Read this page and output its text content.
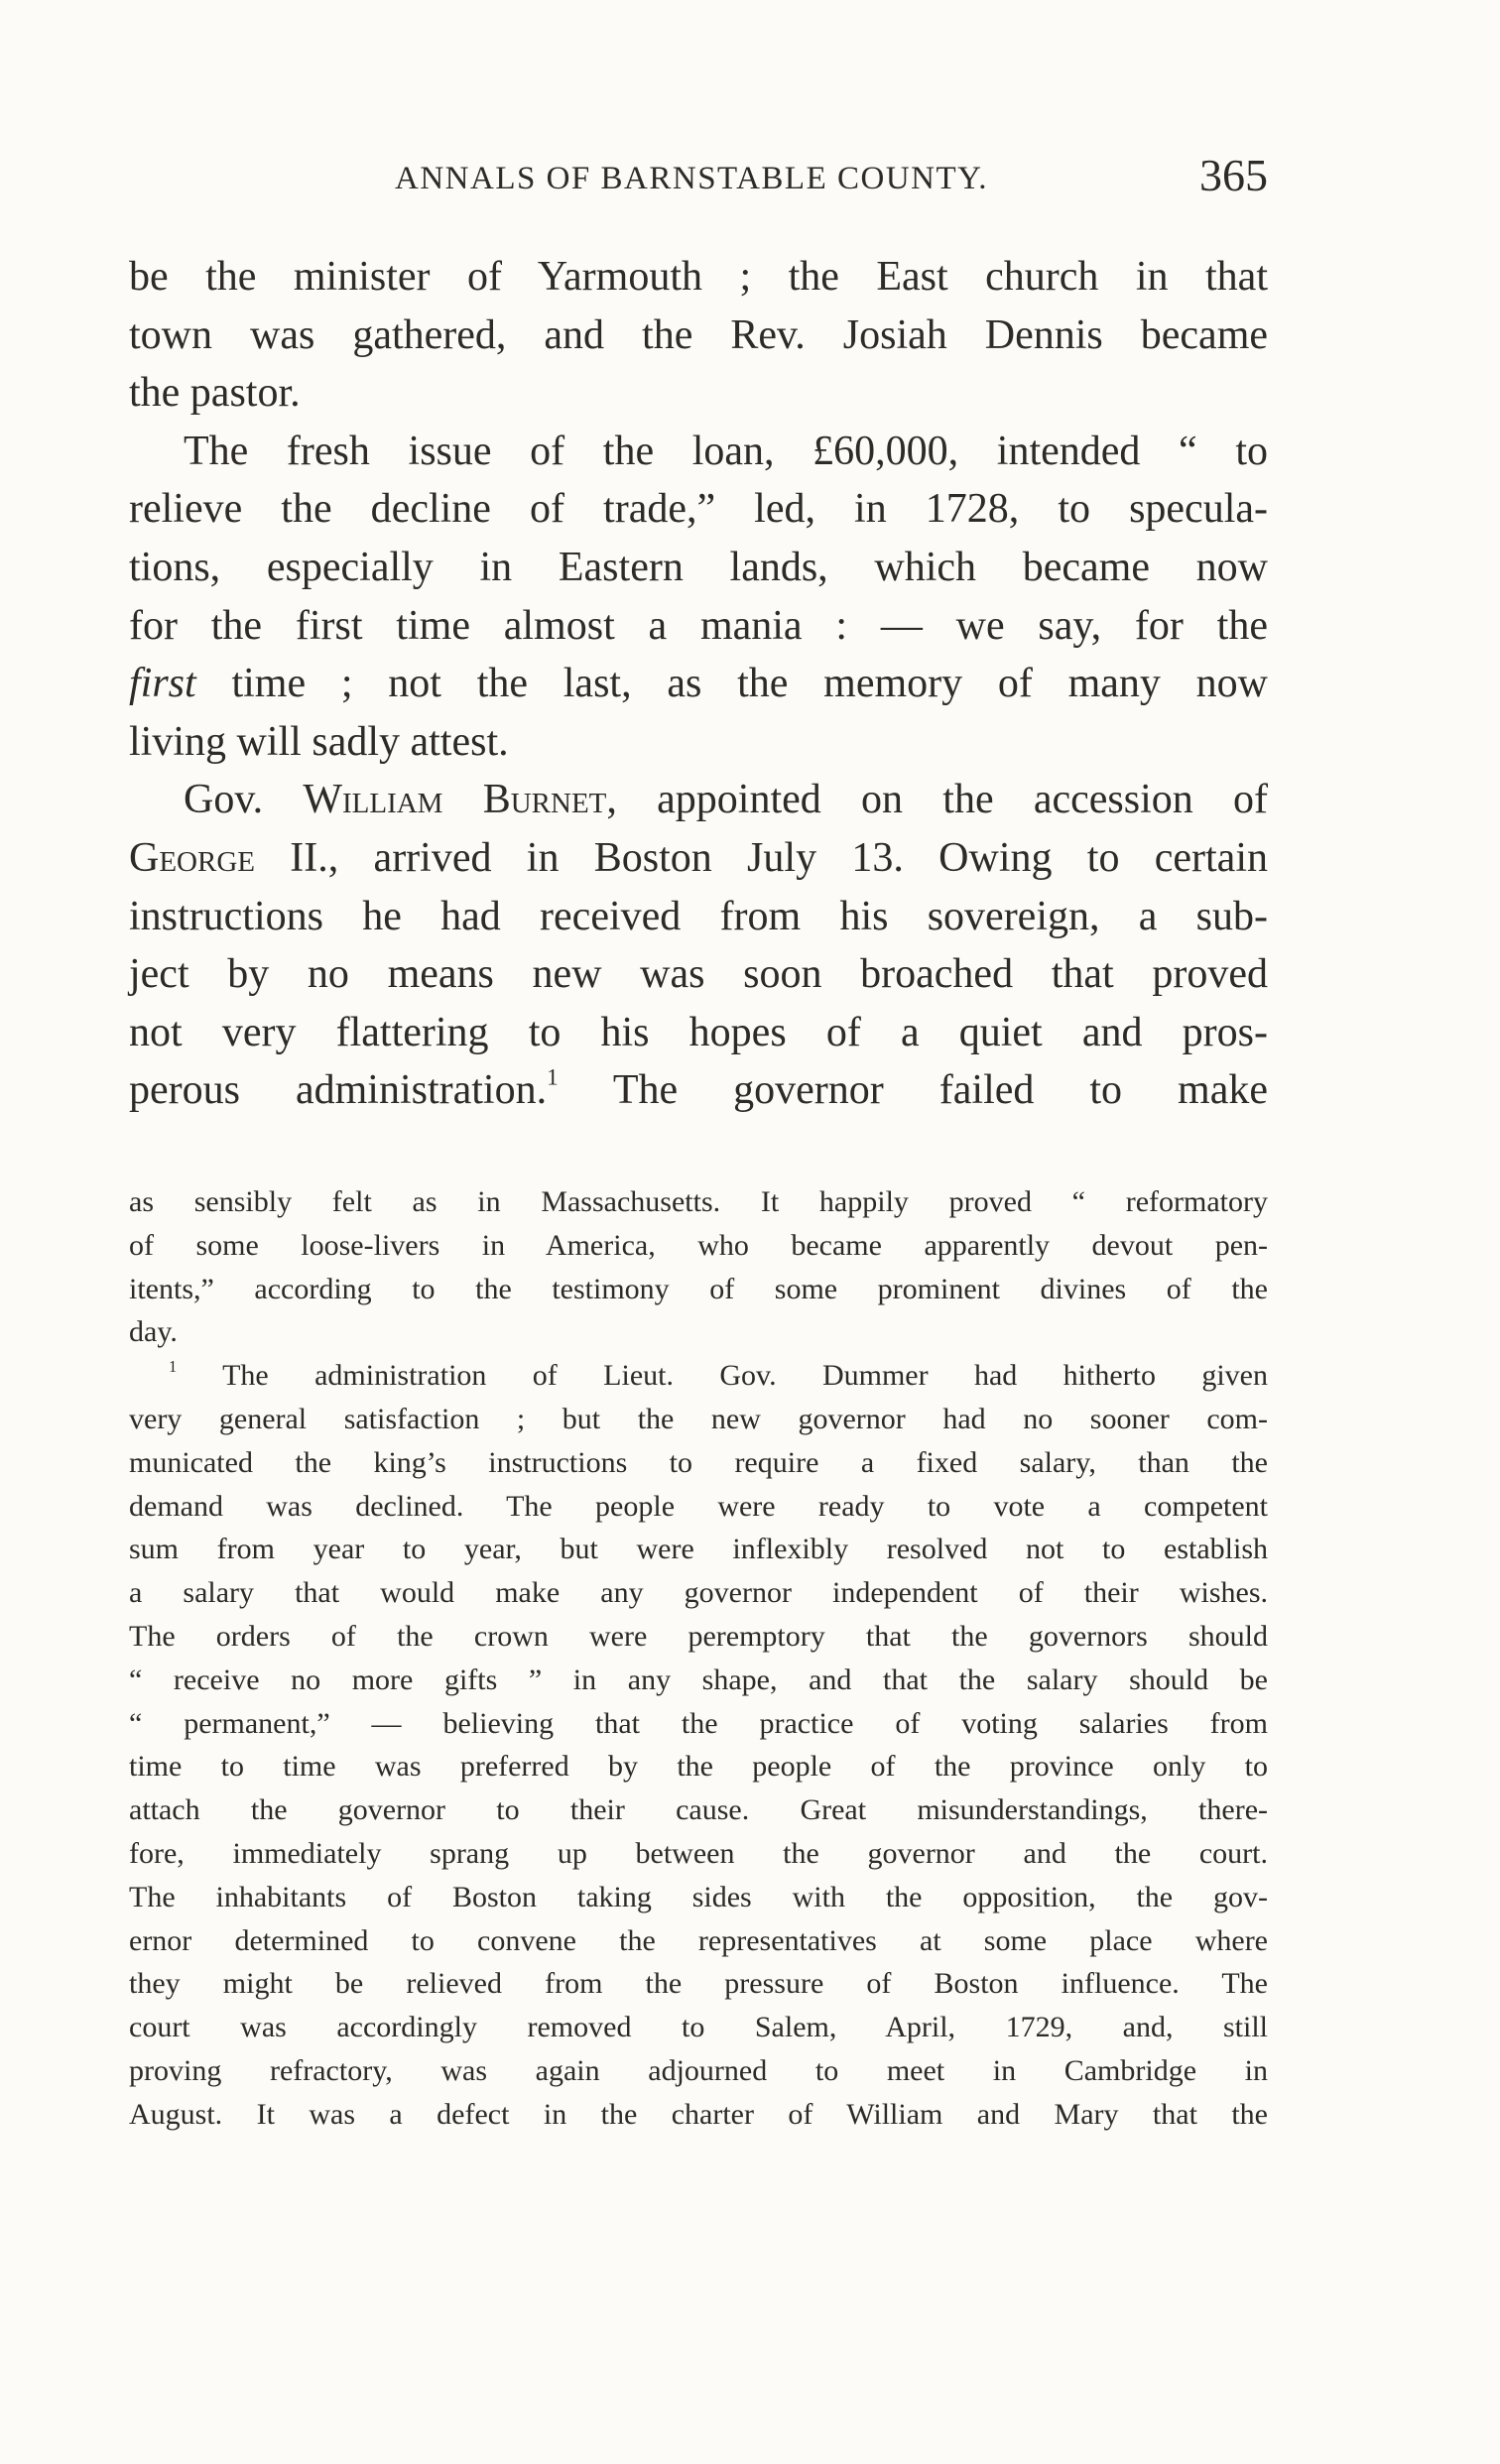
ANNALS OF BARNSTABLE COUNTY.	365

be the minister of Yarmouth ; the East church in that

town was gathered, and the Rev. Josiah Dennis became

the pastor.

The fresh issue of the loan, £60,000, intended “ to

relieve the decline of trade,” led, in 1728, to specula-

tions, especially in Eastern lands, which became now

for the first time almost a mania : — we say, for the

first time ; not the last, as the memory of many now

living will sadly attest.

Gov. William Burnet, appointed on the accession of

George II., arrived in Boston July 13. Owing to certain

instructions he had received from his sovereign, a sub-

ject by no means new was soon broached that proved

not very flattering to his hopes of a quiet and pros-

perous administration.$^1$ The governor failed to make

as sensibly felt as in Massachusetts. It happily proved “ reformatory

of some loose-livers in America, who became apparently devout pen-

itents,” according to the testimony of some prominent divines of the

day.

$^1$ The administration of Lieut. Gov. Dummer had hitherto given

very general satisfaction ; but the new governor had no sooner com-

municated the king’s instructions to require a fixed salary, than the

demand was declined. The people were ready to vote a competent

sum from year to year, but were inflexibly resolved not to establish

a salary that would make any governor independent of their wishes.

The orders of the crown were peremptory that the governors should

“ receive no more gifts ” in any shape, and that the salary should be

“ permanent,” — believing that the practice of voting salaries from

time to time was preferred by the people of the province only to

attach the governor to their cause. Great misunderstandings, there-

fore, immediately sprang up between the governor and the court.

The inhabitants of Boston taking sides with the opposition, the gov-

ernor determined to convene the representatives at some place where

they might be relieved from the pressure of Boston influence. The

court was accordingly removed to Salem, April, 1729, and, still

proving refractory, was again adjourned to meet in Cambridge in

August. It was a defect in the charter of William and Mary that the
